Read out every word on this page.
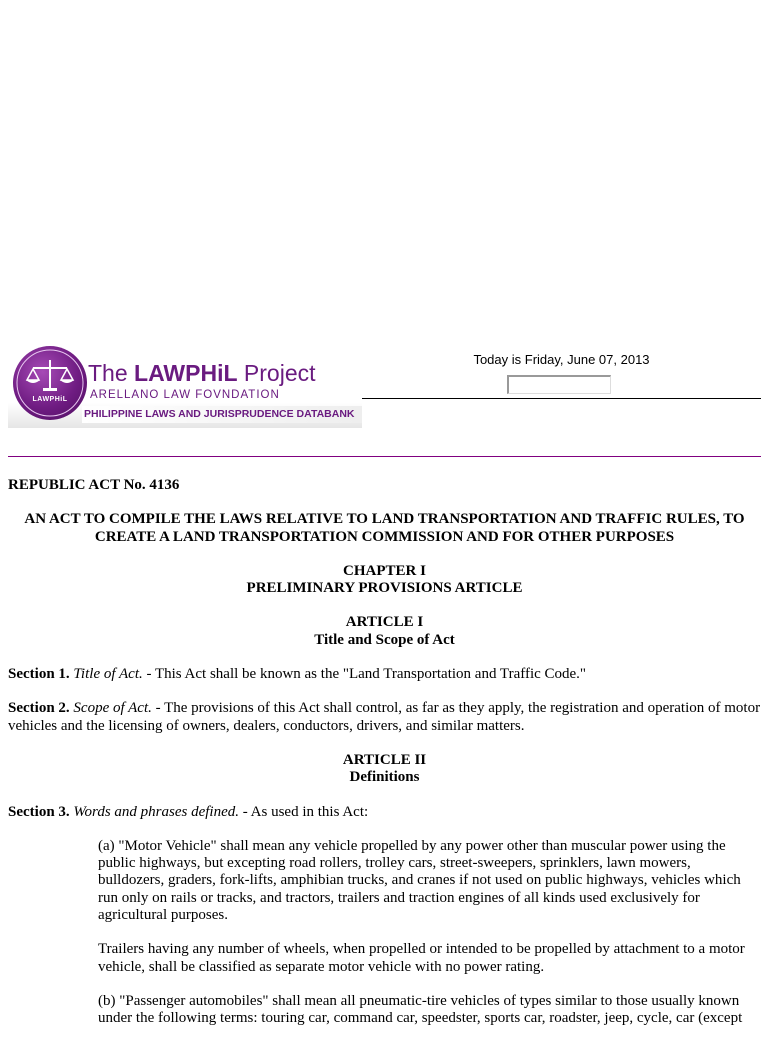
LAWPHiL
The LAWPHiL Project
ARELLANO LAW FOVNDATION
PHILIPPINE LAWS AND JURISPRUDENCE DATABANK
Today is Friday, June 07, 2013

REPUBLIC ACT No. 4136

AN ACT TO COMPILE THE LAWS RELATIVE TO LAND TRANSPORTATION AND TRAFFIC RULES, TO CREATE A LAND TRANSPORTATION COMMISSION AND FOR OTHER PURPOSES

CHAPTER I
PRELIMINARY PROVISIONS ARTICLE

ARTICLE I
Title and Scope of Act

Section 1. Title of Act. - This Act shall be known as the "Land Transportation and Traffic Code."

Section 2. Scope of Act. - The provisions of this Act shall control, as far as they apply, the registration and operation of motor vehicles and the licensing of owners, dealers, conductors, drivers, and similar matters.

ARTICLE II
Definitions

Section 3. Words and phrases defined. - As used in this Act:

(a) "Motor Vehicle" shall mean any vehicle propelled by any power other than muscular power using the public highways, but excepting road rollers, trolley cars, street-sweepers, sprinklers, lawn mowers, bulldozers, graders, fork-lifts, amphibian trucks, and cranes if not used on public highways, vehicles which run only on rails or tracks, and tractors, trailers and traction engines of all kinds used exclusively for agricultural purposes.

Trailers having any number of wheels, when propelled or intended to be propelled by attachment to a motor vehicle, shall be classified as separate motor vehicle with no power rating.

(b) "Passenger automobiles" shall mean all pneumatic-tire vehicles of types similar to those usually known under the following terms: touring car, command car, speedster, sports car, roadster, jeep, cycle, car (except
